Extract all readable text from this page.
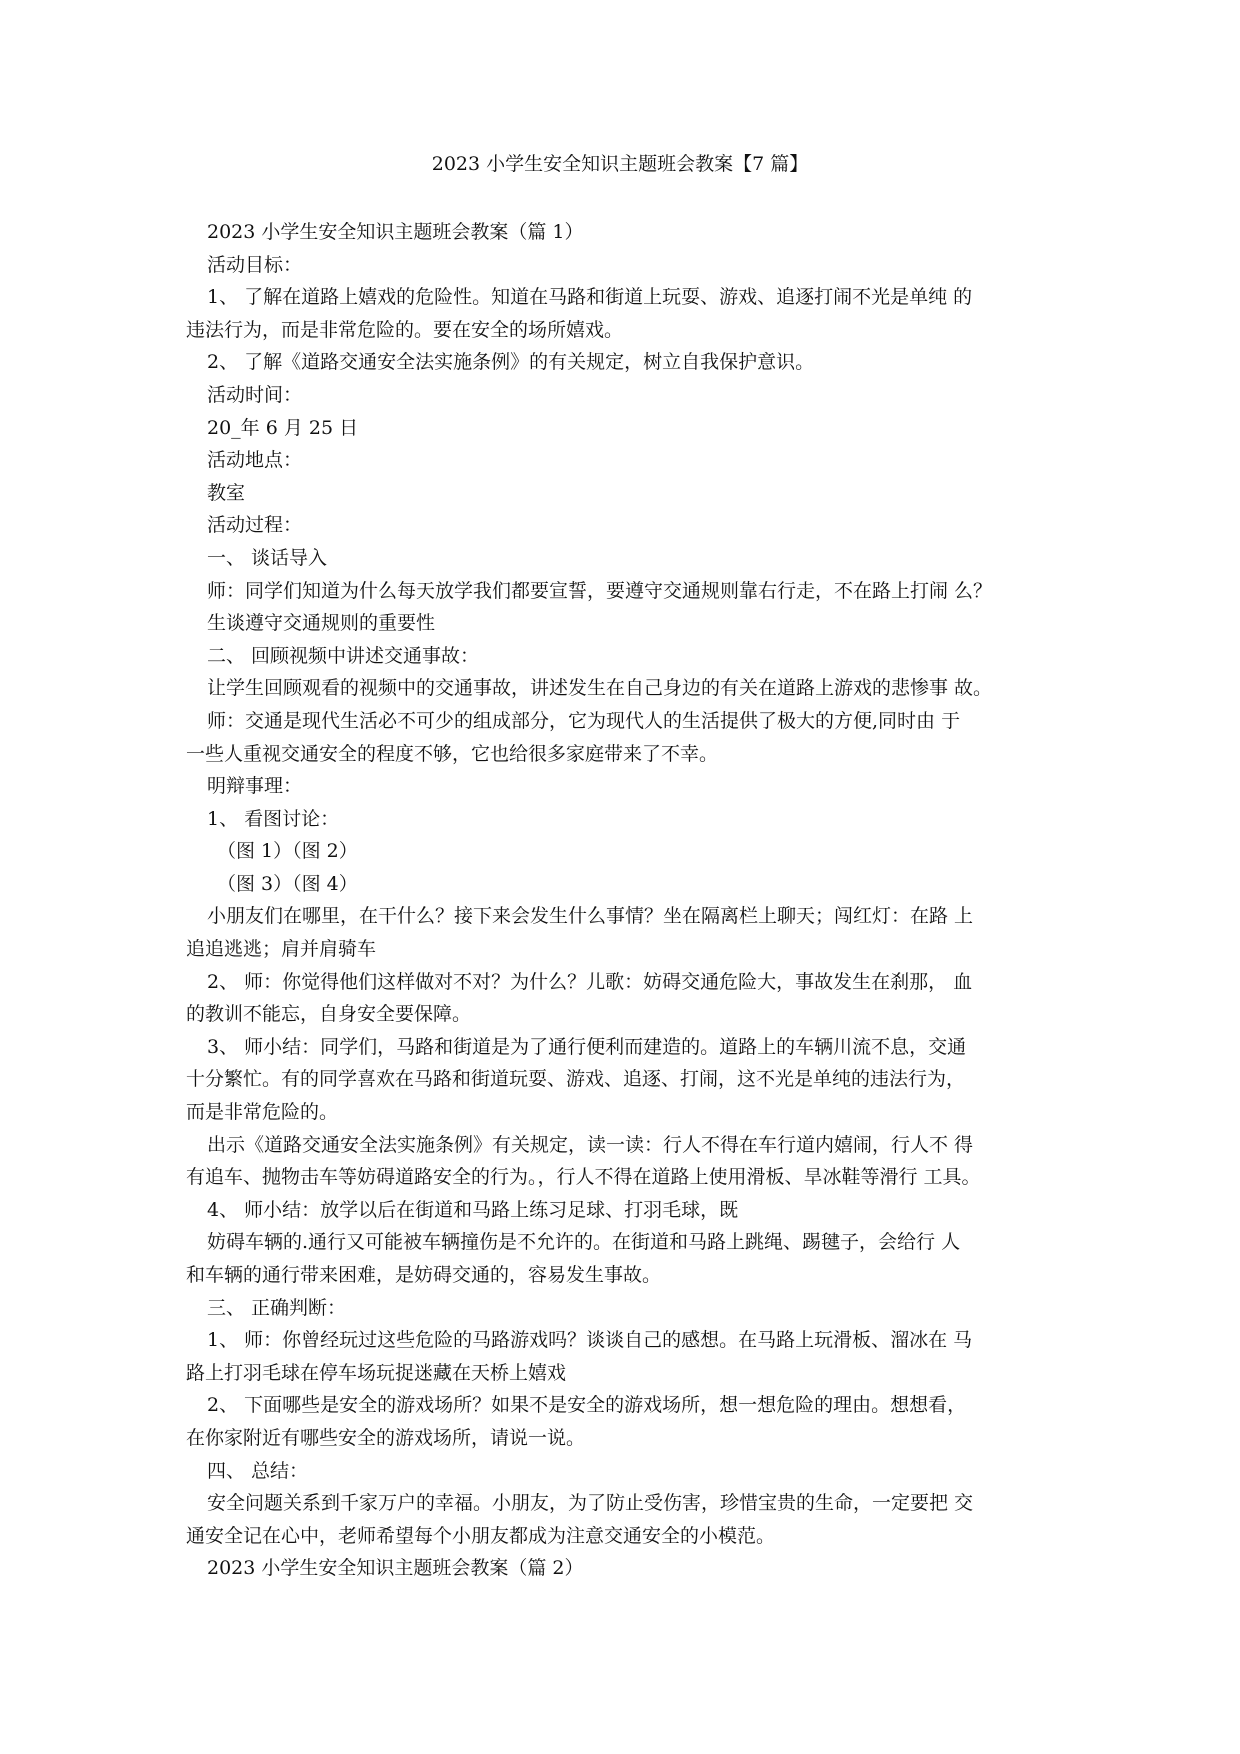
2023 小学生安全知识主题班会教案【7 篇】
2023 小学生安全知识主题班会教案（篇 1）
活动目标：
1、 了解在道路上嬉戏的危险性。知道在马路和街道上玩耍、游戏、追逐打闹不光是单纯 的
违法行为，而是非常危险的。要在安全的场所嬉戏。
2、 了解《道路交通安全法实施条例》的有关规定，树立自我保护意识。
活动时间：
20_年 6 月 25 日
活动地点：
教室
活动过程：
一、 谈话导入
师：同学们知道为什么每天放学我们都要宣誓，要遵守交通规则靠右行走，不在路上打闹 么？
生谈遵守交通规则的重要性
二、 回顾视频中讲述交通事故：
让学生回顾观看的视频中的交通事故，讲述发生在自己身边的有关在道路上游戏的悲惨事 故。
师：交通是现代生活必不可少的组成部分，它为现代人的生活提供了极大的方便,同时由 于
一些人重视交通安全的程度不够，它也给很多家庭带来了不幸。
明辩事理：
1、 看图讨论：
（图 1）（图 2）
（图 3）（图 4）
小朋友们在哪里，在干什么？接下来会发生什么事情？坐在隔离栏上聊天；闯红灯：在路 上
追追逃逃；肩并肩骑车
2、 师：你觉得他们这样做对不对？为什么？儿歌：妨碍交通危险大，事故发生在刹那， 血
的教训不能忘，自身安全要保障。
3、 师小结：同学们，马路和街道是为了通行便利而建造的。道路上的车辆川流不息，交通
十分繁忙。有的同学喜欢在马路和街道玩耍、游戏、追逐、打闹，这不光是单纯的违法行为，
而是非常危险的。
出示《道路交通安全法实施条例》有关规定，读一读：行人不得在车行道内嬉闹，行人不 得
有追车、抛物击车等妨碍道路安全的行为。，行人不得在道路上使用滑板、旱冰鞋等滑行 工具。
4、 师小结：放学以后在街道和马路上练习足球、打羽毛球，既
妨碍车辆的.通行又可能被车辆撞伤是不允许的。在街道和马路上跳绳、踢毽子，会给行 人
和车辆的通行带来困难，是妨碍交通的，容易发生事故。
三、 正确判断：
1、 师：你曾经玩过这些危险的马路游戏吗？谈谈自己的感想。在马路上玩滑板、溜冰在 马
路上打羽毛球在停车场玩捉迷藏在天桥上嬉戏
2、 下面哪些是安全的游戏场所？如果不是安全的游戏场所，想一想危险的理由。想想看，
在你家附近有哪些安全的游戏场所，请说一说。
四、 总结：
安全问题关系到千家万户的幸福。小朋友，为了防止受伤害，珍惜宝贵的生命，一定要把 交
通安全记在心中，老师希望每个小朋友都成为注意交通安全的小模范。
2023 小学生安全知识主题班会教案（篇 2）
